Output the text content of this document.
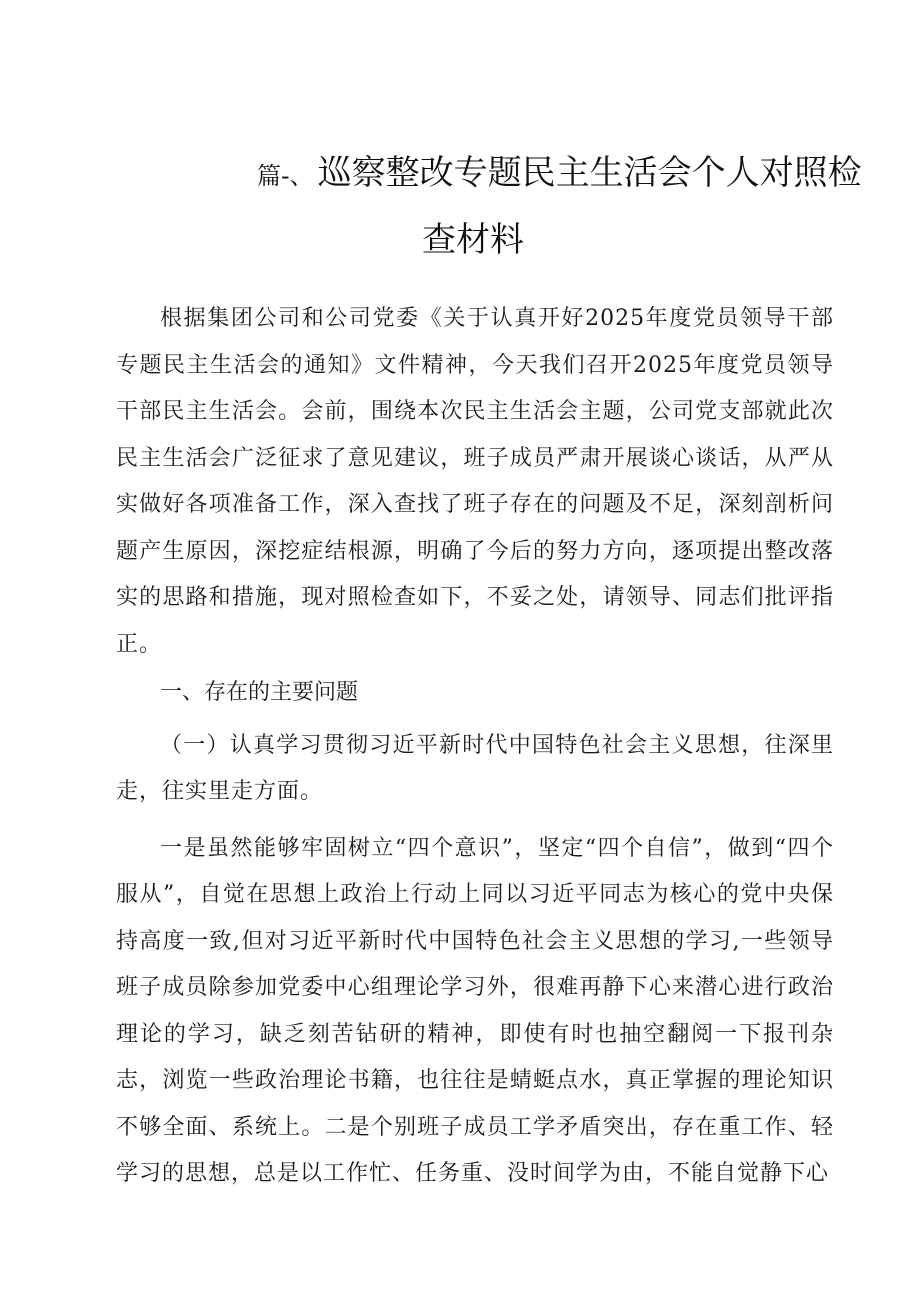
篇-、 巡察整改专题民主生活会个人对照检
查材料

根据集团公司和公司党委《关于认真开好2025年度党员领导干部专题民主生活会的通知》文件精神，今天我们召开2025年度党员领导干部民主生活会。会前，围绕本次民主生活会主题，公司党支部就此次民主生活会广泛征求了意见建议，班子成员严肃开展谈心谈话，从严从实做好各项准备工作，深入查找了班子存在的问题及不足，深刻剖析问题产生原因，深挖症结根源，明确了今后的努力方向，逐项提出整改落实的思路和措施，现对照检查如下，不妥之处，请领导、同志们批评指正。

一、存在的主要问题

（一）认真学习贯彻习近平新时代中国特色社会主义思想，往深里走，往实里走方面。

一是虽然能够牢固树立“四个意识”，坚定“四个自信”，做到“四个服从”，自觉在思想上政治上行动上同以习近平同志为核心的党中央保持高度一致,但对习近平新时代中国特色社会主义思想的学习,一些领导班子成员除参加党委中心组理论学习外，很难再静下心来潜心进行政治理论的学习，缺乏刻苦钻研的精神，即使有时也抽空翻阅一下报刊杂志，浏览一些政治理论书籍，也往往是蜻蜓点水，真正掌握的理论知识不够全面、系统上。二是个别班子成员工学矛盾突出，存在重工作、轻学习的思想，总是以工作忙、任务重、没时间学为由，不能自觉静下心
